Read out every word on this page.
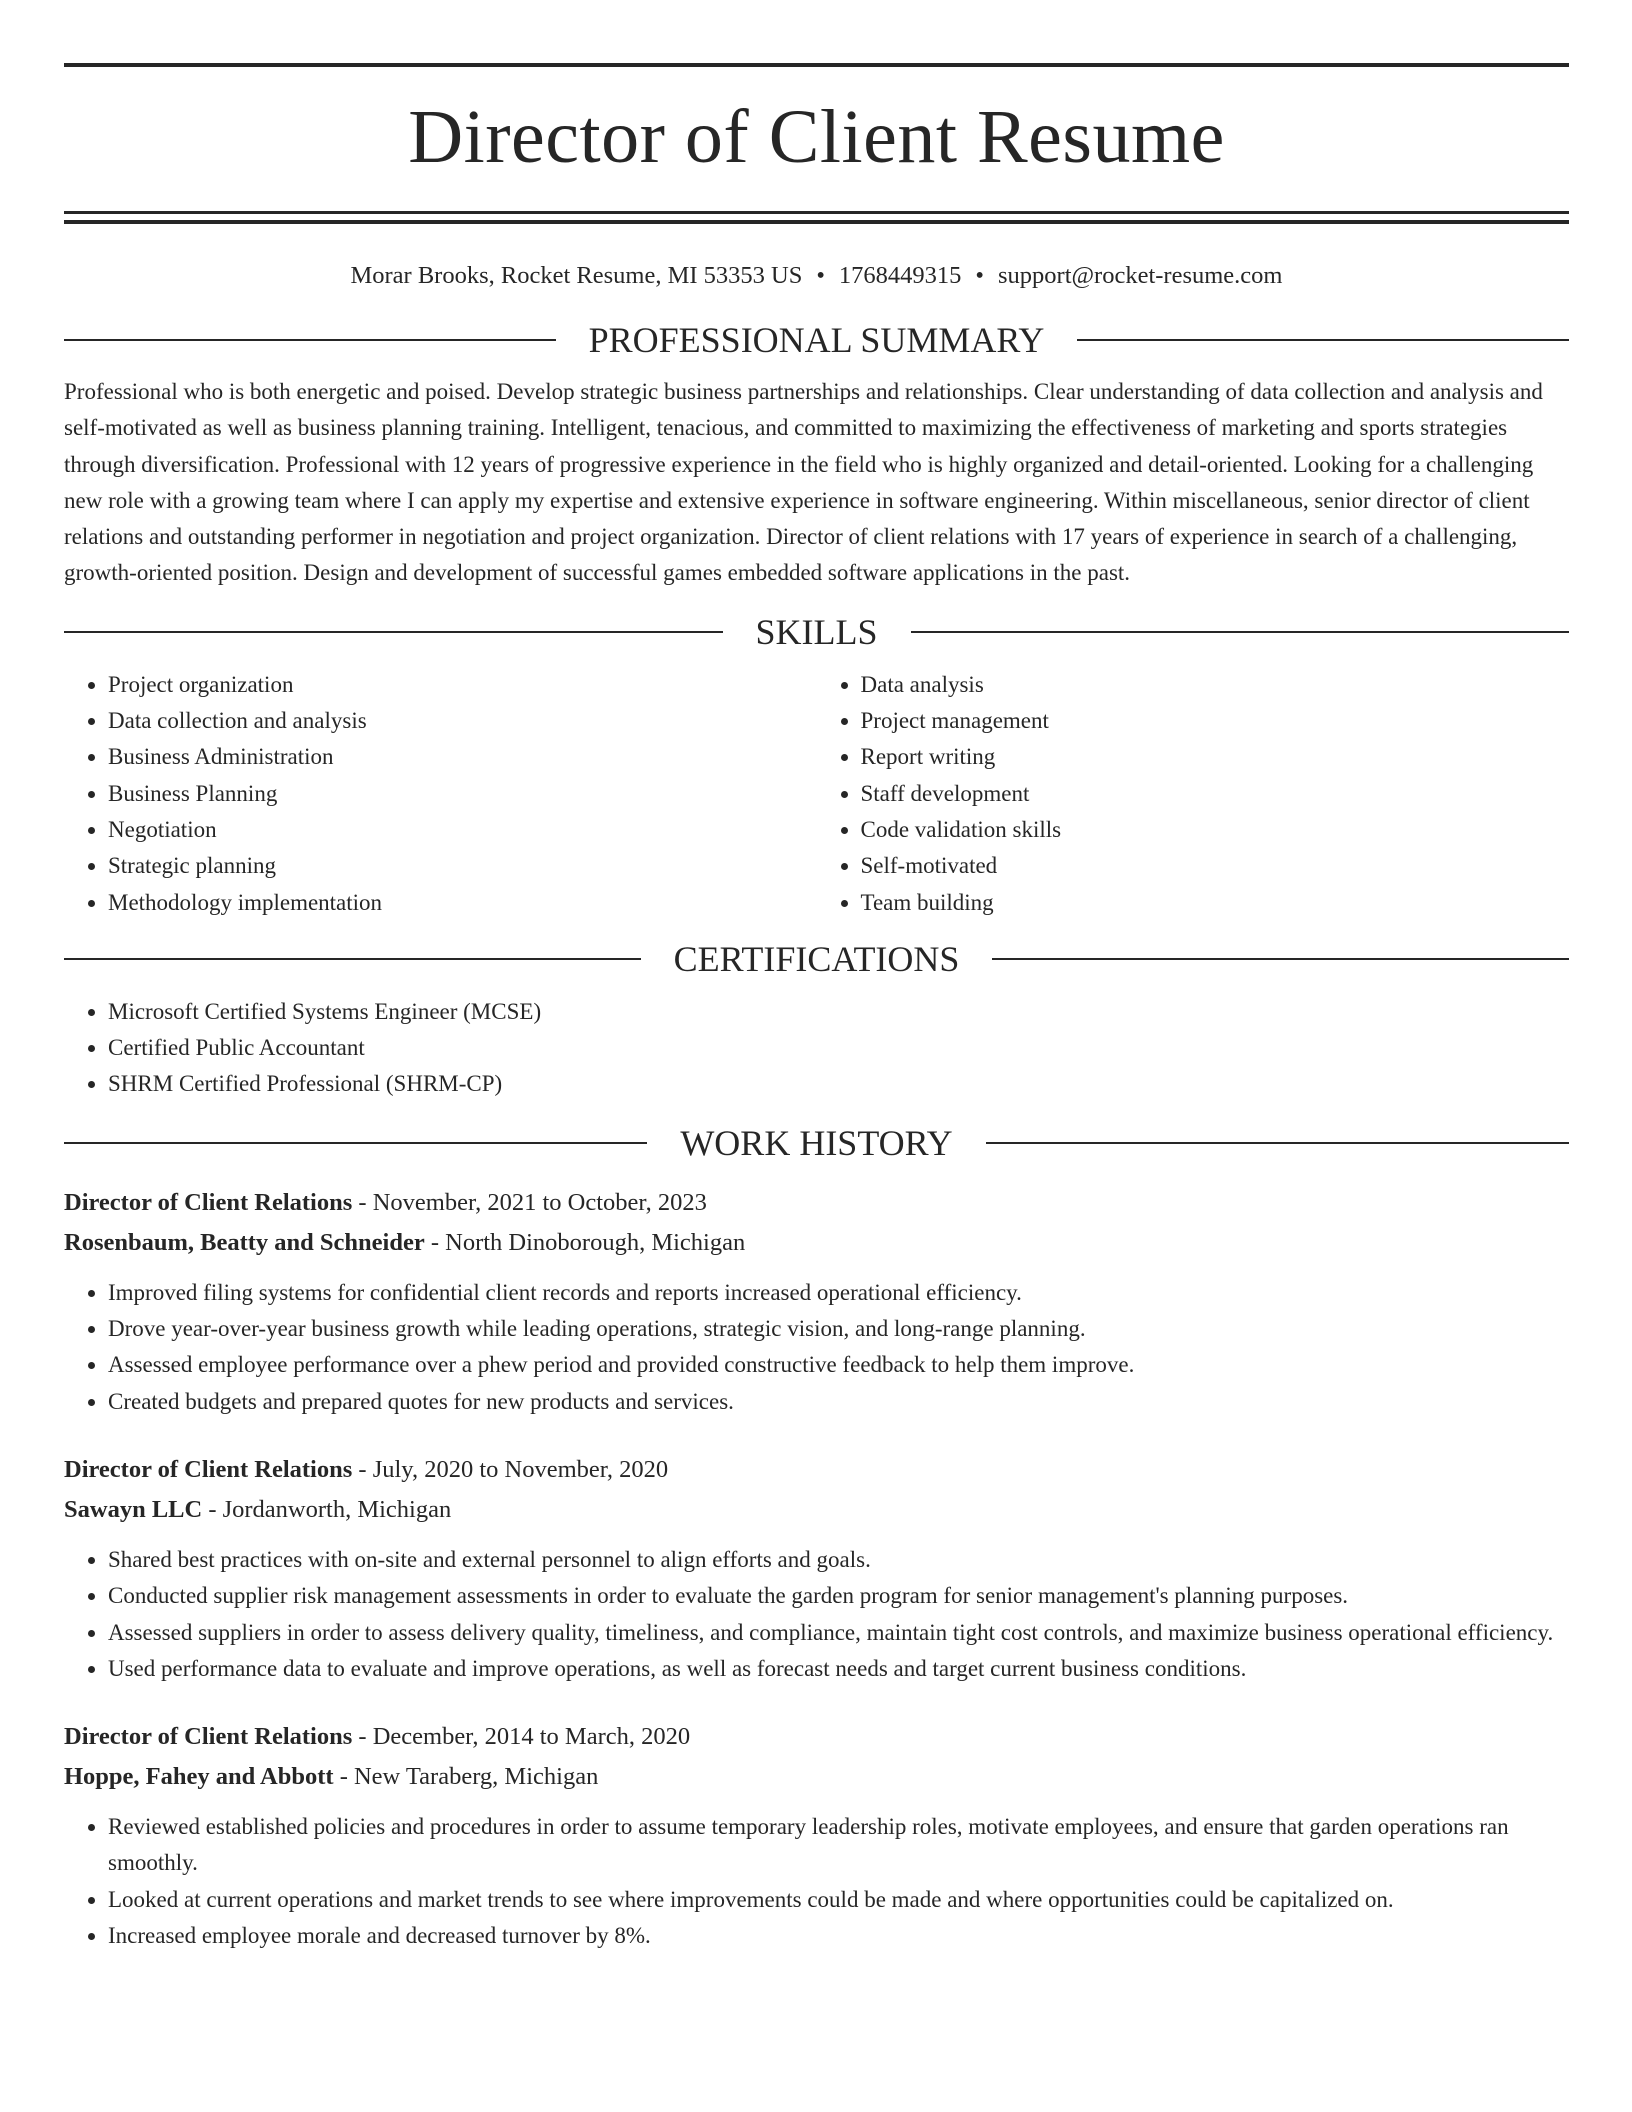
Director of Client Resume
Morar Brooks, Rocket Resume, MI 53353 US • 1768449315 • support@rocket-resume.com
PROFESSIONAL SUMMARY

Professional who is both energetic and poised. Develop strategic business partnerships and relationships. Clear understanding of data collection and analysis and self-motivated as well as business planning training. Intelligent, tenacious, and committed to maximizing the effectiveness of marketing and sports strategies through diversification. Professional with 12 years of progressive experience in the field who is highly organized and detail-oriented. Looking for a challenging new role with a growing team where I can apply my expertise and extensive experience in software engineering. Within miscellaneous, senior director of client relations and outstanding performer in negotiation and project organization. Director of client relations with 17 years of experience in search of a challenging, growth-oriented position. Design and development of successful games embedded software applications in the past.

SKILLS
• Project organization
• Data collection and analysis
• Business Administration
• Business Planning
• Negotiation
• Strategic planning
• Methodology implementation
• Data analysis
• Project management
• Report writing
• Staff development
• Code validation skills
• Self-motivated
• Team building
CERTIFICATIONS
• Microsoft Certified Systems Engineer (MCSE)
• Certified Public Accountant
• SHRM Certified Professional (SHRM-CP)
WORK HISTORY
Director of Client Relations - November, 2021 to October, 2023
Rosenbaum, Beatty and Schneider - North Dinoborough, Michigan
• Improved filing systems for confidential client records and reports increased operational efficiency.
• Drove year-over-year business growth while leading operations, strategic vision, and long-range planning.
• Assessed employee performance over a phew period and provided constructive feedback to help them improve.
• Created budgets and prepared quotes for new products and services.
Director of Client Relations - July, 2020 to November, 2020
Sawayn LLC - Jordanworth, Michigan
• Shared best practices with on-site and external personnel to align efforts and goals.
• Conducted supplier risk management assessments in order to evaluate the garden program for senior management's planning purposes.
• Assessed suppliers in order to assess delivery quality, timeliness, and compliance, maintain tight cost controls, and maximize business operational efficiency.
• Used performance data to evaluate and improve operations, as well as forecast needs and target current business conditions.
Director of Client Relations - December, 2014 to March, 2020
Hoppe, Fahey and Abbott - New Taraberg, Michigan
• Reviewed established policies and procedures in order to assume temporary leadership roles, motivate employees, and ensure that garden operations ran smoothly.
• Looked at current operations and market trends to see where improvements could be made and where opportunities could be capitalized on.
• Increased employee morale and decreased turnover by 8%.
